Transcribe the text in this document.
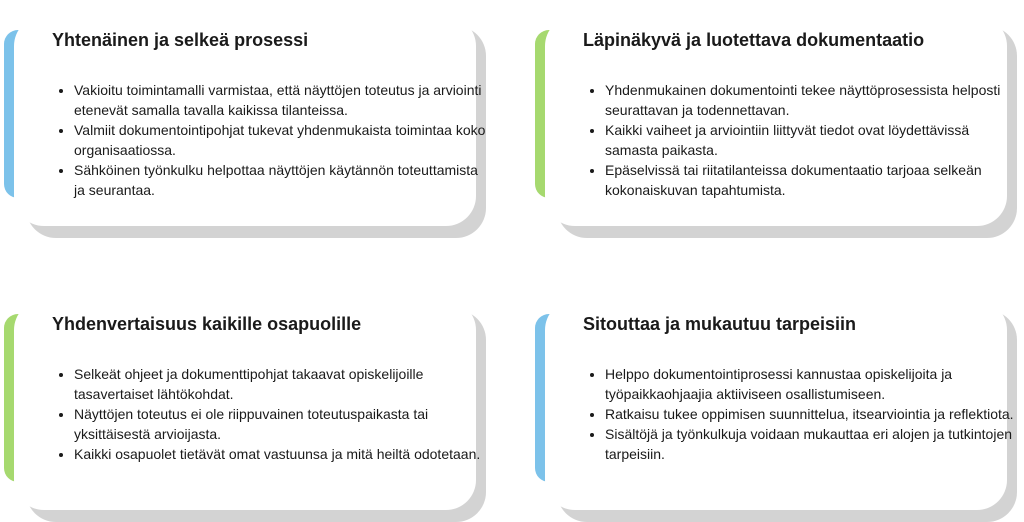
Yhtenäinen ja selkeä prosessi
• Vakioitu toimintamalli varmistaa, että näyttöjen toteutus ja arviointi etenevät samalla tavalla kaikissa tilanteissa.
• Valmiit dokumentointipohjat tukevat yhdenmukaista toimintaa koko organisaatiossa.
• Sähköinen työnkulku helpottaa näyttöjen käytännön toteuttamista ja seurantaa.
Läpinäkyvä ja luotettava dokumentaatio
• Yhdenmukainen dokumentointi tekee näyttöprosessista helposti seurattavan ja todennettavan.
• Kaikki vaiheet ja arviointiin liittyvät tiedot ovat löydettävissä samasta paikasta.
• Epäselvissä tai riitatilanteissa dokumentaatio tarjoaa selkeän kokonaiskuvan tapahtumista.
Yhdenvertaisuus kaikille osapuolille
• Selkeät ohjeet ja dokumenttipohjat takaavat opiskelijoille tasavertaiset lähtökohdat.
• Näyttöjen toteutus ei ole riippuvainen toteutuspaikasta tai yksittäisestä arvioijasta.
• Kaikki osapuolet tietävät omat vastuunsa ja mitä heiltä odotetaan.
Sitouttaa ja mukautuu tarpeisiin
• Helppo dokumentointiprosessi kannustaa opiskelijoita ja työpaikkaohjaajia aktiiviseen osallistumiseen.
• Ratkaisu tukee oppimisen suunnittelua, itsearviointia ja reflektiota.
• Sisältöjä ja työnkulkuja voidaan mukauttaa eri alojen ja tutkintojen tarpeisiin.
